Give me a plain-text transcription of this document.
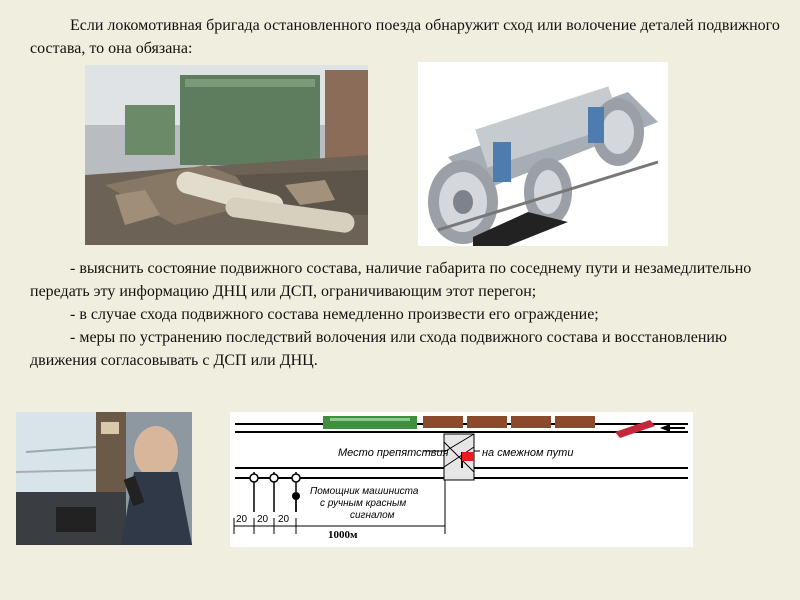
Если локомотивная бригада остановленного поезда обнаружит сход или волочение деталей подвижного состава, то она обязана:

- выяснить состояние подвижного состава, наличие габарита по соседнему пути и незамедлительно передать эту информацию ДНЦ или ДСП, ограничивающим этот перегон;

- в случае схода подвижного состава немедленно произвести его ограждение;

- меры по устранению последствий волочения или схода подвижного состава и восстановлению движения согласовывать с ДСП или ДНЦ.

Место препятствия	на смежном пути
Помощник машиниста
с ручным красным
сигналом
20 20 20
1000м
